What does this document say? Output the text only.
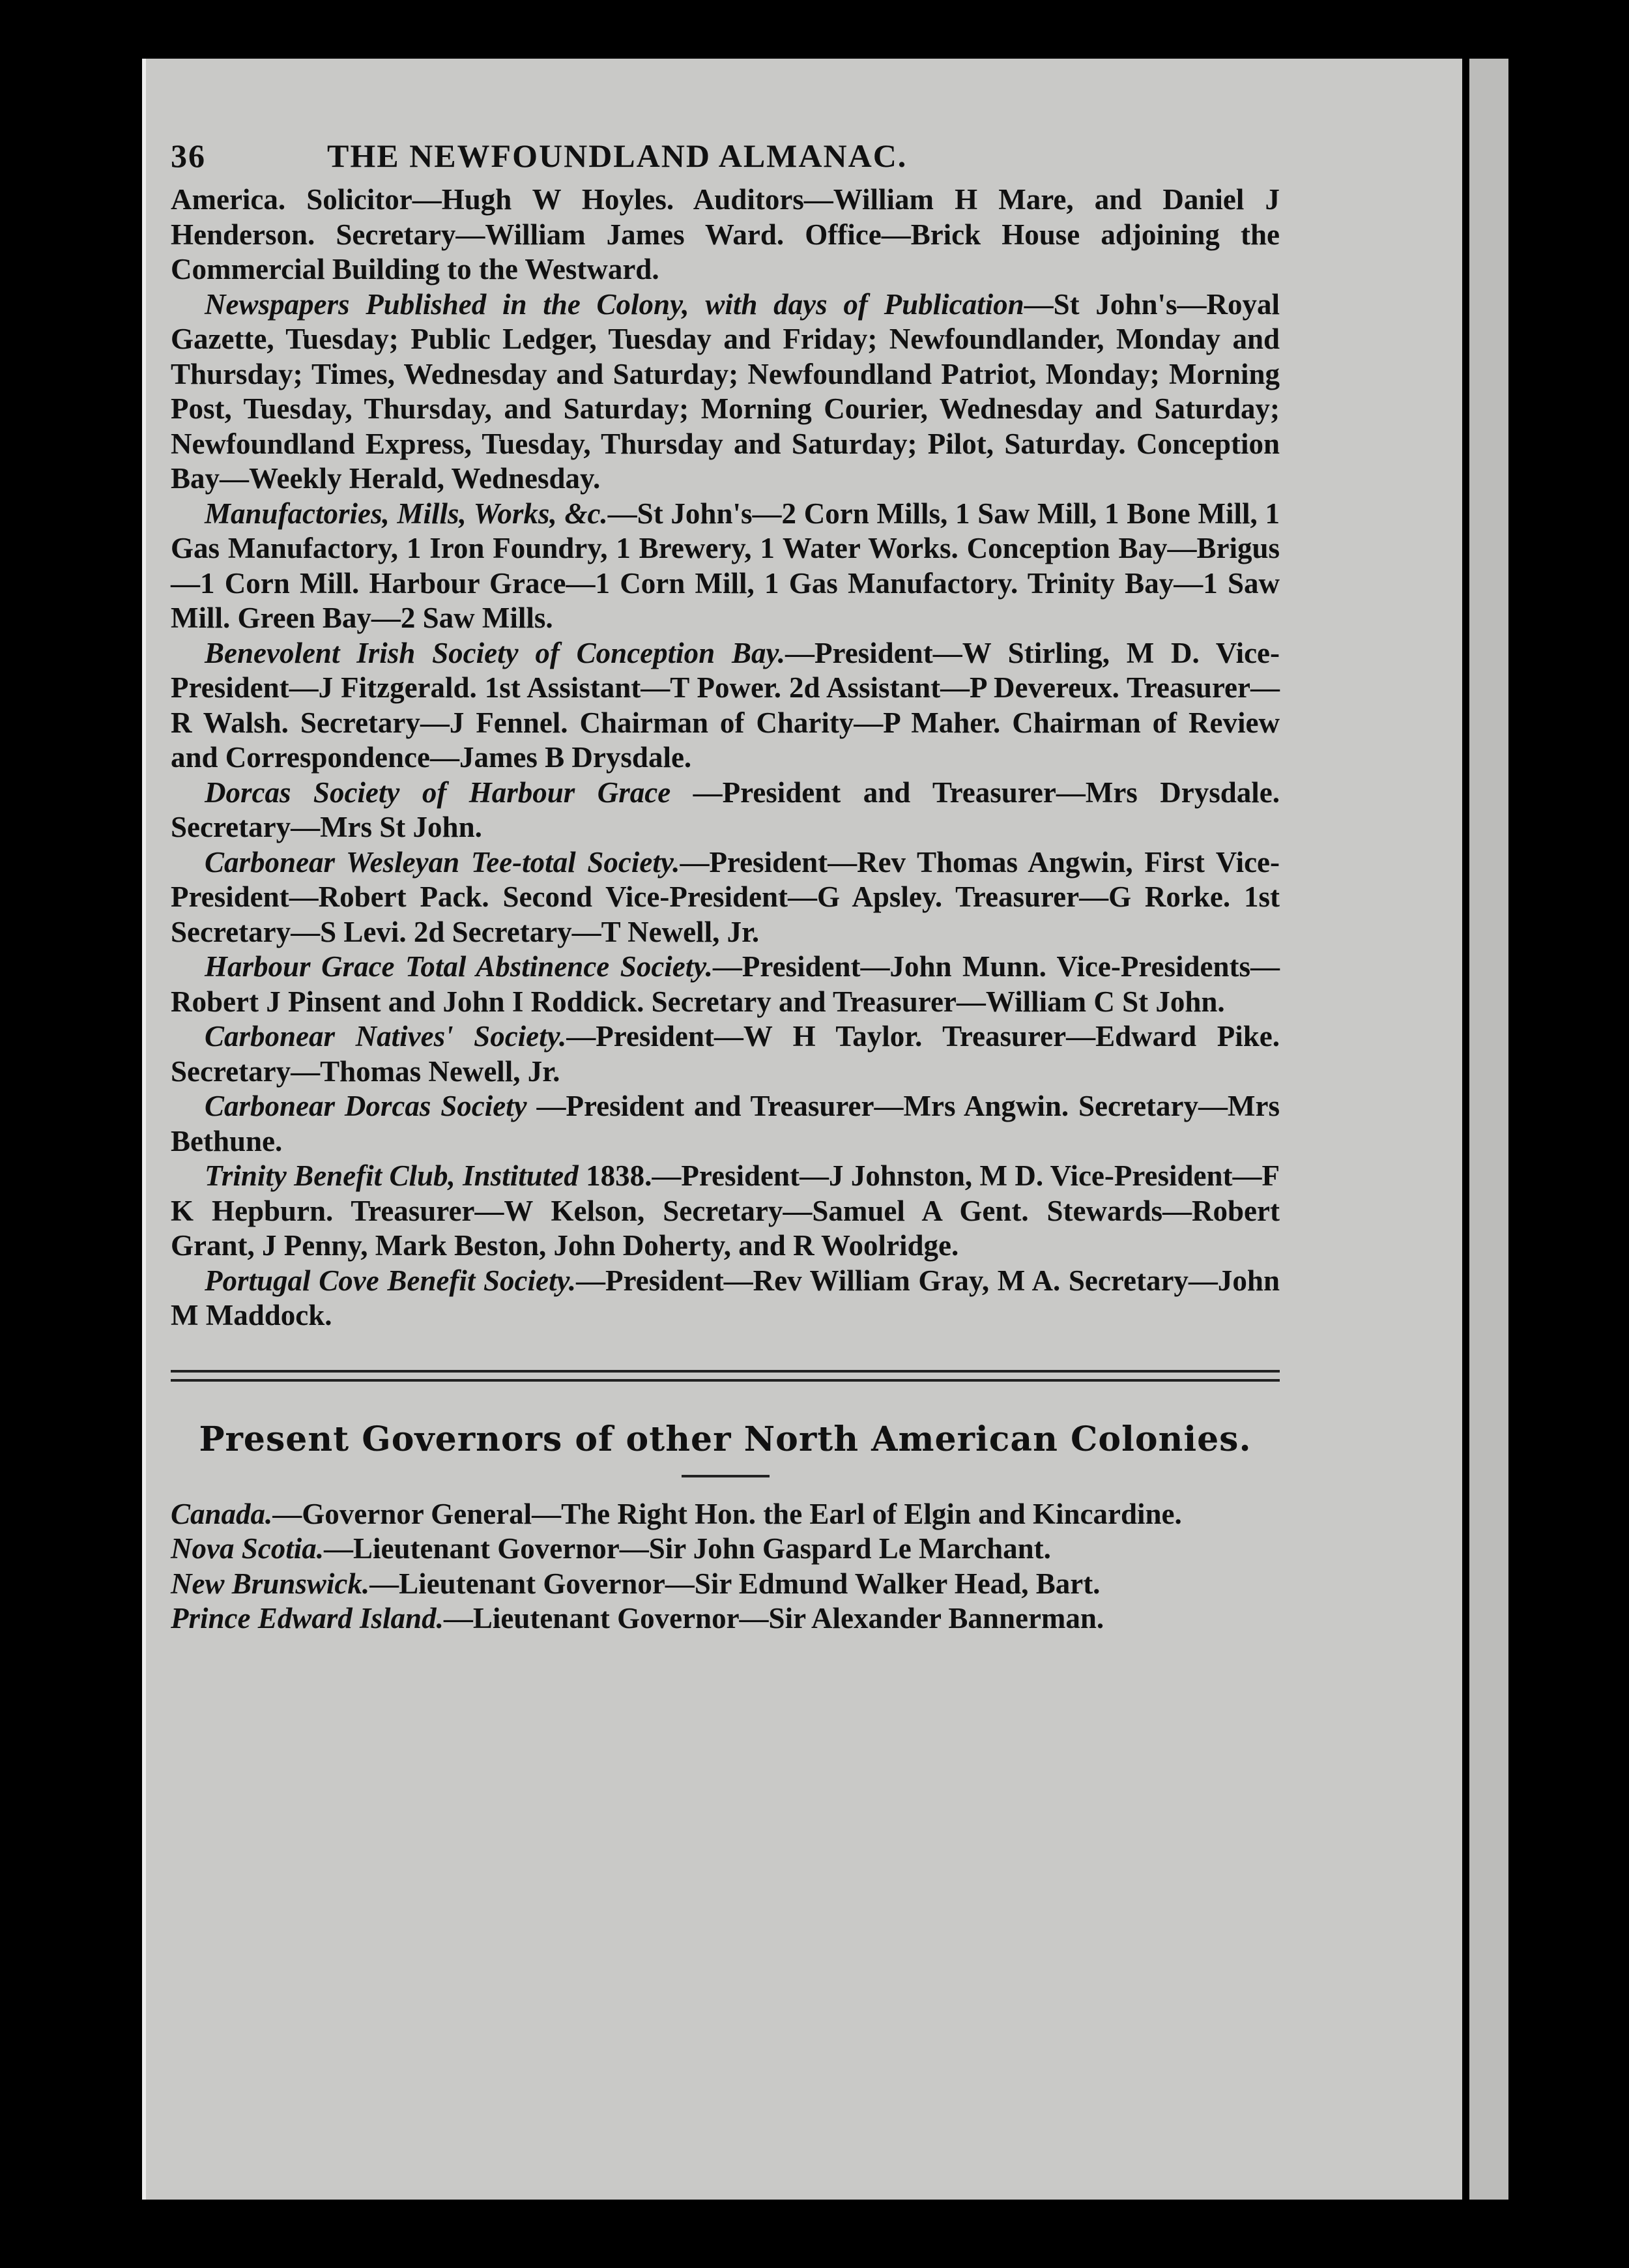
36	THE NEWFOUNDLAND ALMANAC.

America. Solicitor—Hugh W Hoyles. Auditors—William H Mare, and Daniel J Henderson. Secretary—William James Ward. Office—Brick House adjoining the Commercial Building to the Westward.

Newspapers Published in the Colony, with days of Publication—St John's—Royal Gazette, Tuesday; Public Ledger, Tuesday and Friday; Newfoundlander, Monday and Thursday; Times, Wednesday and Saturday; Newfoundland Patriot, Monday; Morning Post, Tuesday, Thursday, and Saturday; Morning Courier, Wednesday and Saturday; Newfoundland Express, Tuesday, Thursday and Saturday; Pilot, Saturday. Conception Bay—Weekly Herald, Wednesday.

Manufactories, Mills, Works, &c.—St John's—2 Corn Mills, 1 Saw Mill, 1 Bone Mill, 1 Gas Manufactory, 1 Iron Foundry, 1 Brewery, 1 Water Works. Conception Bay—Brigus—1 Corn Mill. Harbour Grace—1 Corn Mill, 1 Gas Manufactory. Trinity Bay—1 Saw Mill. Green Bay—2 Saw Mills.

Benevolent Irish Society of Conception Bay.—President—W Stirling, M D. Vice-President—J Fitzgerald. 1st Assistant—T Power. 2d Assistant—P Devereux. Treasurer—R Walsh. Secretary—J Fennel. Chairman of Charity—P Maher. Chairman of Review and Correspondence—James B Drysdale.

Dorcas Society of Harbour Grace —President and Treasurer—Mrs Drysdale. Secretary—Mrs St John.

Carbonear Wesleyan Tee-total Society.—President—Rev Thomas Angwin, First Vice-President—Robert Pack. Second Vice-President—G Apsley. Treasurer—G Rorke. 1st Secretary—S Levi. 2d Secretary—T Newell, Jr.

Harbour Grace Total Abstinence Society.—President—John Munn. Vice-Presidents—Robert J Pinsent and John I Roddick. Secretary and Treasurer—William C St John.

Carbonear Natives' Society.—President—W H Taylor. Treasurer—Edward Pike. Secretary—Thomas Newell, Jr.

Carbonear Dorcas Society —President and Treasurer—Mrs Angwin. Secretary—Mrs Bethune.

Trinity Benefit Club, Instituted 1838.—President—J Johnston, M D. Vice-President—F K Hepburn. Treasurer—W Kelson, Secretary—Samuel A Gent. Stewards—Robert Grant, J Penny, Mark Beston, John Doherty, and R Woolridge.

Portugal Cove Benefit Society.—President—Rev William Gray, M A. Secretary—John M Maddock.

Present Governors of other North American Colonies.

Canada.—Governor General—The Right Hon. the Earl of Elgin and Kincardine.

Nova Scotia.—Lieutenant Governor—Sir John Gaspard Le Marchant.

New Brunswick.—Lieutenant Governor—Sir Edmund Walker Head, Bart.

Prince Edward Island.—Lieutenant Governor—Sir Alexander Bannerman.
